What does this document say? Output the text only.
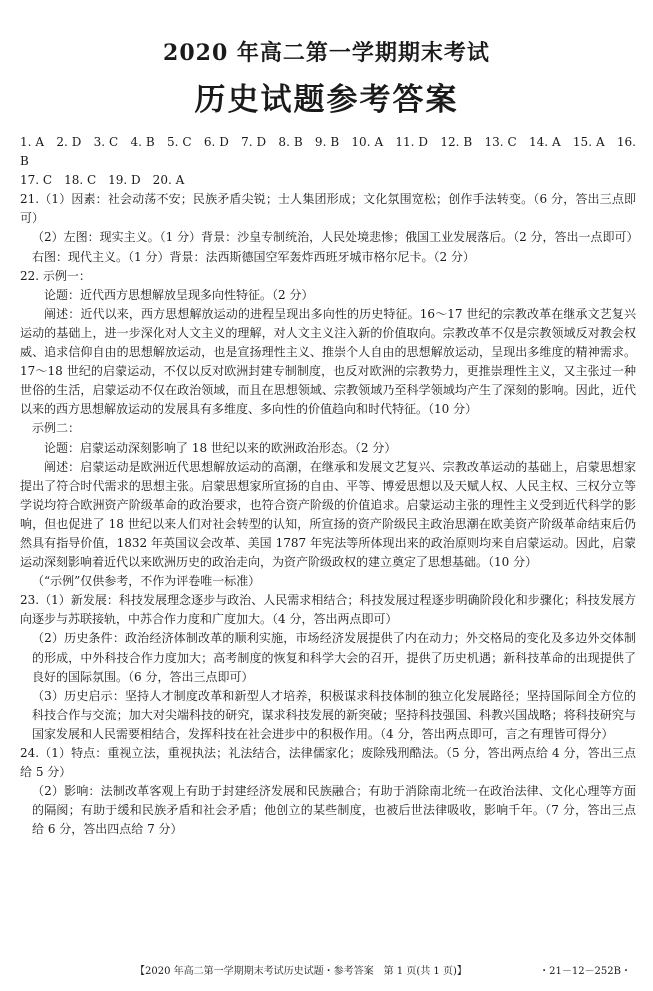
2020 年高二第一学期期末考试
历史试题参考答案

1. A　2. D　3. C　4. B　5. C　6. D　7. D　8. B　9. B　10. A　11. D　12. B　13. C　14. A　15. A　16. B

17. C　18. C　19. D　20. A

21.（1）因素：社会动荡不安；民族矛盾尖锐；士人集团形成；文化氛围宽松；创作手法转变。（6 分，答出三点即可）

（2）左图：现实主义。（1 分）背景：沙皇专制统治，人民处境悲惨；俄国工业发展落后。（2 分，答出一点即可）

右图：现代主义。（1 分）背景：法西斯德国空军轰炸西班牙城市格尔尼卡。（2 分）

22. 示例一：

论题：近代西方思想解放呈现多向性特征。（2 分）

阐述：近代以来，西方思想解放运动的进程呈现出多向性的历史特征。16～17 世纪的宗教改革在继承文艺复兴运动的基础上，进一步深化对人文主义的理解，对人文主义注入新的价值取向。宗教改革不仅是宗教领域反对教会权威、追求信仰自由的思想解放运动，也是宣扬理性主义、推崇个人自由的思想解放运动，呈现出多维度的精神需求。17～18 世纪的启蒙运动，不仅以反对欧洲封建专制制度，也反对欧洲的宗教势力，更推崇理性主义，又主张过一种世俗的生活，启蒙运动不仅在政治领域，而且在思想领域、宗教领域乃至科学领域均产生了深刻的影响。因此，近代以来的西方思想解放运动的发展具有多维度、多向性的价值趋向和时代特征。（10 分）

示例二：

论题：启蒙运动深刻影响了 18 世纪以来的欧洲政治形态。（2 分）

阐述：启蒙运动是欧洲近代思想解放运动的高潮，在继承和发展文艺复兴、宗教改革运动的基础上，启蒙思想家提出了符合时代需求的思想主张。启蒙思想家所宣扬的自由、平等、博爱思想以及天赋人权、人民主权、三权分立等学说均符合欧洲资产阶级革命的政治要求，也符合资产阶级的价值追求。启蒙运动主张的理性主义受到近代科学的影响，但也促进了 18 世纪以来人们对社会转型的认知，所宣扬的资产阶级民主政治思潮在欧美资产阶级革命结束后仍然具有指导价值，1832 年英国议会改革、美国 1787 年宪法等所体现出来的政治原则均来自启蒙运动。因此，启蒙运动深刻影响着近代以来欧洲历史的政治走向，为资产阶级政权的建立奠定了思想基础。（10 分）

（“示例”仅供参考，不作为评卷唯一标准）

23.（1）新发展：科技发展理念逐步与政治、人民需求相结合；科技发展过程逐步明确阶段化和步骤化；科技发展方向逐步与苏联接轨，中苏合作力度和广度加大。（4 分，答出两点即可）

（2）历史条件：政治经济体制改革的顺利实施，市场经济发展提供了内在动力；外交格局的变化及多边外交体制的形成，中外科技合作力度加大；高考制度的恢复和科学大会的召开，提供了历史机遇；新科技革命的出现提供了良好的国际氛围。（6 分，答出三点即可）

（3）历史启示：坚持人才制度改革和新型人才培养，积极谋求科技体制的独立化发展路径；坚持国际间全方位的科技合作与交流；加大对尖端科技的研究，谋求科技发展的新突破；坚持科技强国、科教兴国战略；将科技研究与国家发展和人民需要相结合，发挥科技在社会进步中的积极作用。（4 分，答出两点即可，言之有理皆可得分）

24.（1）特点：重视立法，重视执法；礼法结合，法律儒家化；废除残刑酷法。（5 分，答出两点给 4 分，答出三点给 5 分）

（2）影响：法制改革客观上有助于封建经济发展和民族融合；有助于消除南北统一在政治法律、文化心理等方面的隔阂；有助于缓和民族矛盾和社会矛盾；他创立的某些制度，也被后世法律吸收，影响千年。（7 分，答出三点给 6 分，答出四点给 7 分）

【2020 年高二第一学期期末考试历史试题・参考答案　第 1 页(共 1 页)】	・21－12－252B・
